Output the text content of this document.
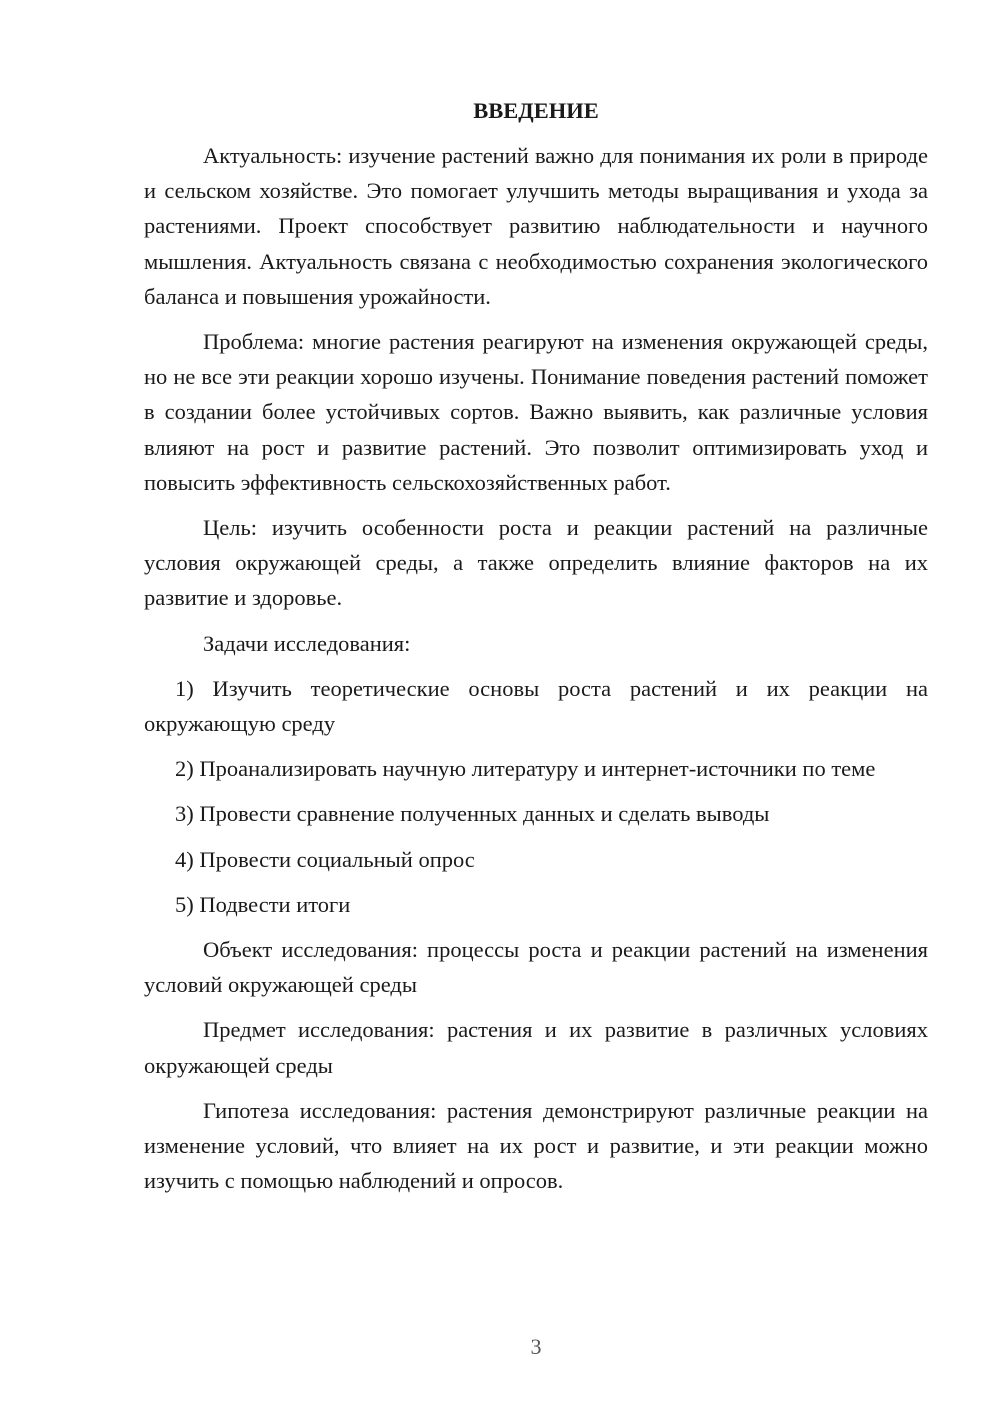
ВВЕДЕНИЕ

Актуальность: изучение растений важно для понимания их роли в природе и сельском хозяйстве. Это помогает улучшить методы выращивания и ухода за растениями. Проект способствует развитию наблюдательности и научного мышления. Актуальность связана с необходимостью сохранения экологического баланса и повышения урожайности.

Проблема: многие растения реагируют на изменения окружающей среды, но не все эти реакции хорошо изучены. Понимание поведения растений поможет в создании более устойчивых сортов. Важно выявить, как различные условия влияют на рост и развитие растений. Это позволит оптимизировать уход и повысить эффективность сельскохозяйственных работ.

Цель: изучить особенности роста и реакции растений на различные условия окружающей среды, а также определить влияние факторов на их развитие и здоровье.

Задачи исследования:

1) Изучить теоретические основы роста растений и их реакции на окружающую среду

2) Проанализировать научную литературу и интернет-источники по теме

3) Провести сравнение полученных данных и сделать выводы

4) Провести социальный опрос

5) Подвести итоги

Объект исследования: процессы роста и реакции растений на изменения условий окружающей среды

Предмет исследования: растения и их развитие в различных условиях окружающей среды

Гипотеза исследования: растения демонстрируют различные реакции на изменение условий, что влияет на их рост и развитие, и эти реакции можно изучить с помощью наблюдений и опросов.

3
